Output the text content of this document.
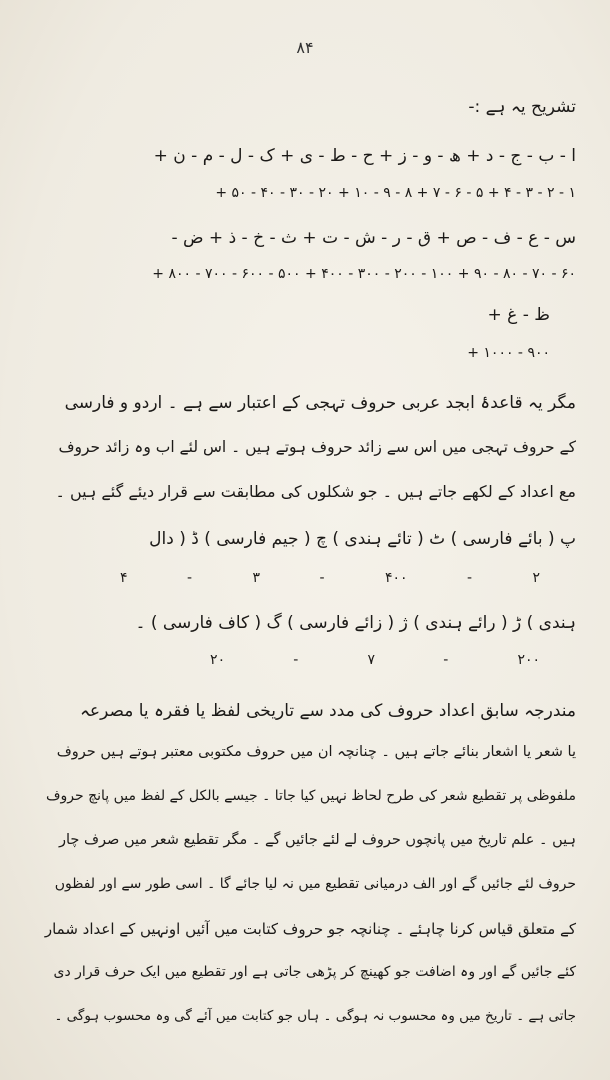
۸۴
تشریح یہ ہے :-
ا - ب - ج - د + ھ - و - ز + ح - ط - ی + ک - ل - م - ن +
۱ - ۲ - ۳ - ۴ + ۵ - ۶ - ۷ + ۸ - ۹ - ۱۰ + ۲۰ - ۳۰ - ۴۰ - ۵۰ +
س - ع - ف - ص + ق - ر - ش - ت + ث - خ - ذ + ض -
۶۰ - ۷۰ - ۸۰ - ۹۰ + ۱۰۰ - ۲۰۰ - ۳۰۰ - ۴۰۰ + ۵۰۰ - ۶۰۰ - ۷۰۰ - ۸۰۰ +
ظ - غ +
۹۰۰ - ۱۰۰۰ +
مگر یہ قاعدۂ ابجد عربی حروف تہجی کے اعتبار سے ہے ۔ اردو و فارسی
کے حروف تہجی میں اس سے زائد حروف ہوتے ہیں ۔ اس لئے اب وہ زائد حروف
مع اعداد کے لکھے جاتے ہیں ۔ جو شکلوں کی مطابقت سے قرار دیئے گئے ہیں ۔
پ ( بائے فارسی ) ٹ ( تائے ہندی ) چ ( جیم فارسی ) ڈ ( دال
۲
-
۴۰۰
-
۳
-
۴
ہندی ) ڑ ( رائے ہندی ) ژ ( زائے فارسی ) گ ( کاف فارسی ) ۔
۲۰۰
-
۷
-
۲۰
مندرجہ سابق اعداد حروف کی مدد سے تاریخی لفظ یا فقرہ یا مصرعہ
یا شعر یا اشعار بنائے جاتے ہیں ۔ چنانچہ ان میں حروف مکتوبی معتبر ہوتے ہیں حروف
ملفوظی پر تقطیع شعر کی طرح لحاظ نہیں کیا جاتا ۔ جیسے بالکل کے لفظ میں پانچ حروف
ہیں ۔ علم تاریخ میں پانچوں حروف لے لئے جائیں گے ۔ مگر تقطیع شعر میں صرف چار
حروف لئے جائیں گے اور الف درمیانی تقطیع میں نہ لیا جائے گا ۔ اسی طور سے اور لفظوں
کے متعلق قیاس کرنا چاہئے ۔ چنانچہ جو حروف کتابت میں آئیں اونہیں کے اعداد شمار
کئے جائیں گے اور وہ اضافت جو کھینچ کر پڑھی جاتی ہے اور تقطیع میں ایک حرف قرار دی
جاتی ہے ۔ تاریخ میں وہ محسوب نہ ہوگی ۔ ہاں جو کتابت میں آئے گی وہ محسوب ہوگی ۔
